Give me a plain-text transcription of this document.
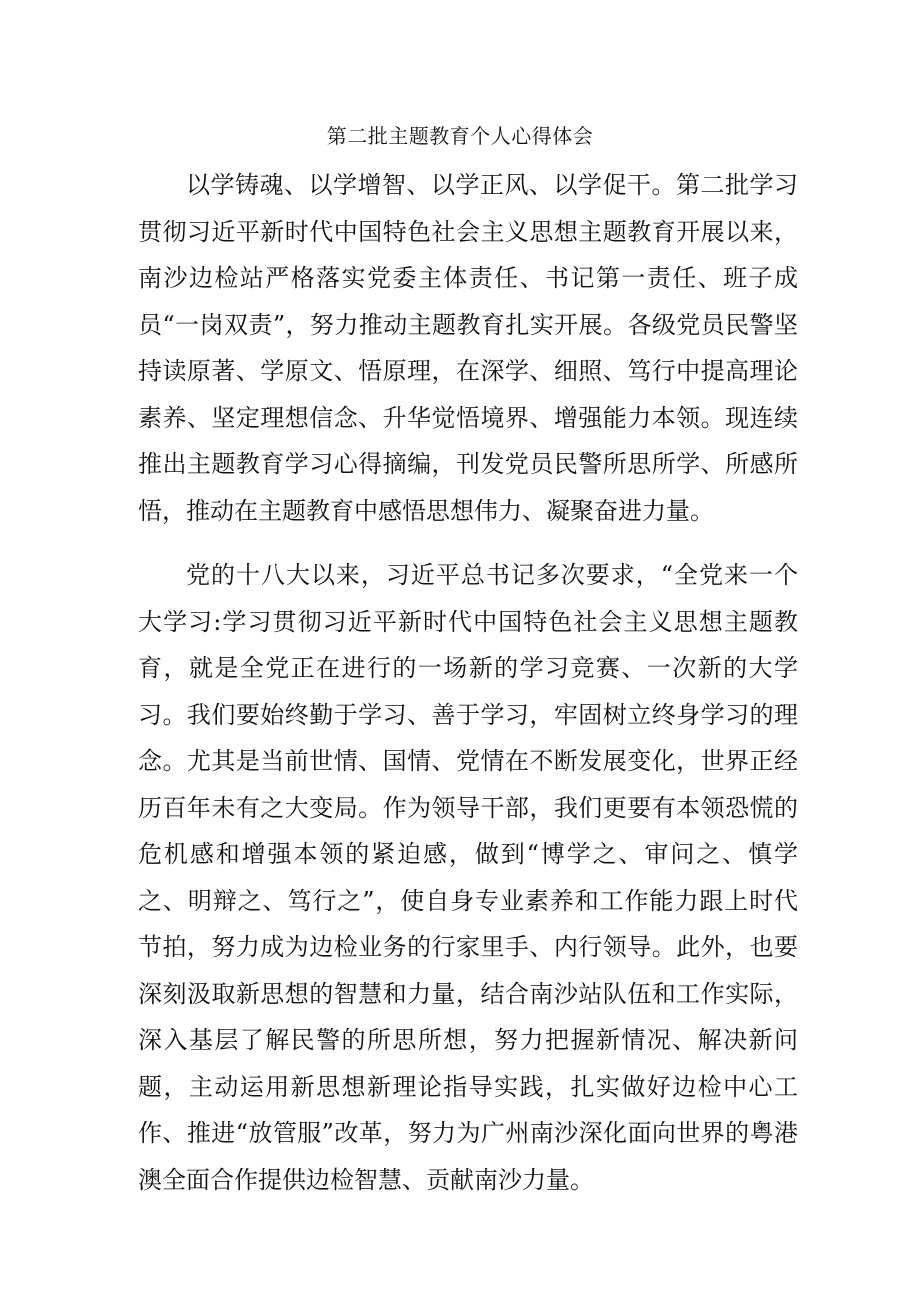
第二批主题教育个人心得体会

以学铸魂、以学增智、以学正风、以学促干。第二批学习贯彻习近平新时代中国特色社会主义思想主题教育开展以来，南沙边检站严格落实党委主体责任、书记第一责任、班子成员“一岗双责”，努力推动主题教育扎实开展。各级党员民警坚持读原著、学原文、悟原理，在深学、细照、笃行中提高理论素养、坚定理想信念、升华觉悟境界、增强能力本领。现连续推出主题教育学习心得摘编，刊发党员民警所思所学、所感所悟，推动在主题教育中感悟思想伟力、凝聚奋进力量。

党的十八大以来，习近平总书记多次要求，“全党来一个大学习:学习贯彻习近平新时代中国特色社会主义思想主题教育，就是全党正在进行的一场新的学习竞赛、一次新的大学习。我们要始终勤于学习、善于学习，牢固树立终身学习的理念。尤其是当前世情、国情、党情在不断发展变化，世界正经历百年未有之大变局。作为领导干部，我们更要有本领恐慌的危机感和增强本领的紧迫感，做到“博学之、审问之、慎学之、明辩之、笃行之”，使自身专业素养和工作能力跟上时代节拍，努力成为边检业务的行家里手、内行领导。此外，也要深刻汲取新思想的智慧和力量，结合南沙站队伍和工作实际，深入基层了解民警的所思所想，努力把握新情况、解决新问题，主动运用新思想新理论指导实践，扎实做好边检中心工作、推进“放管服”改革，努力为广州南沙深化面向世界的粤港澳全面合作提供边检智慧、贡献南沙力量。
